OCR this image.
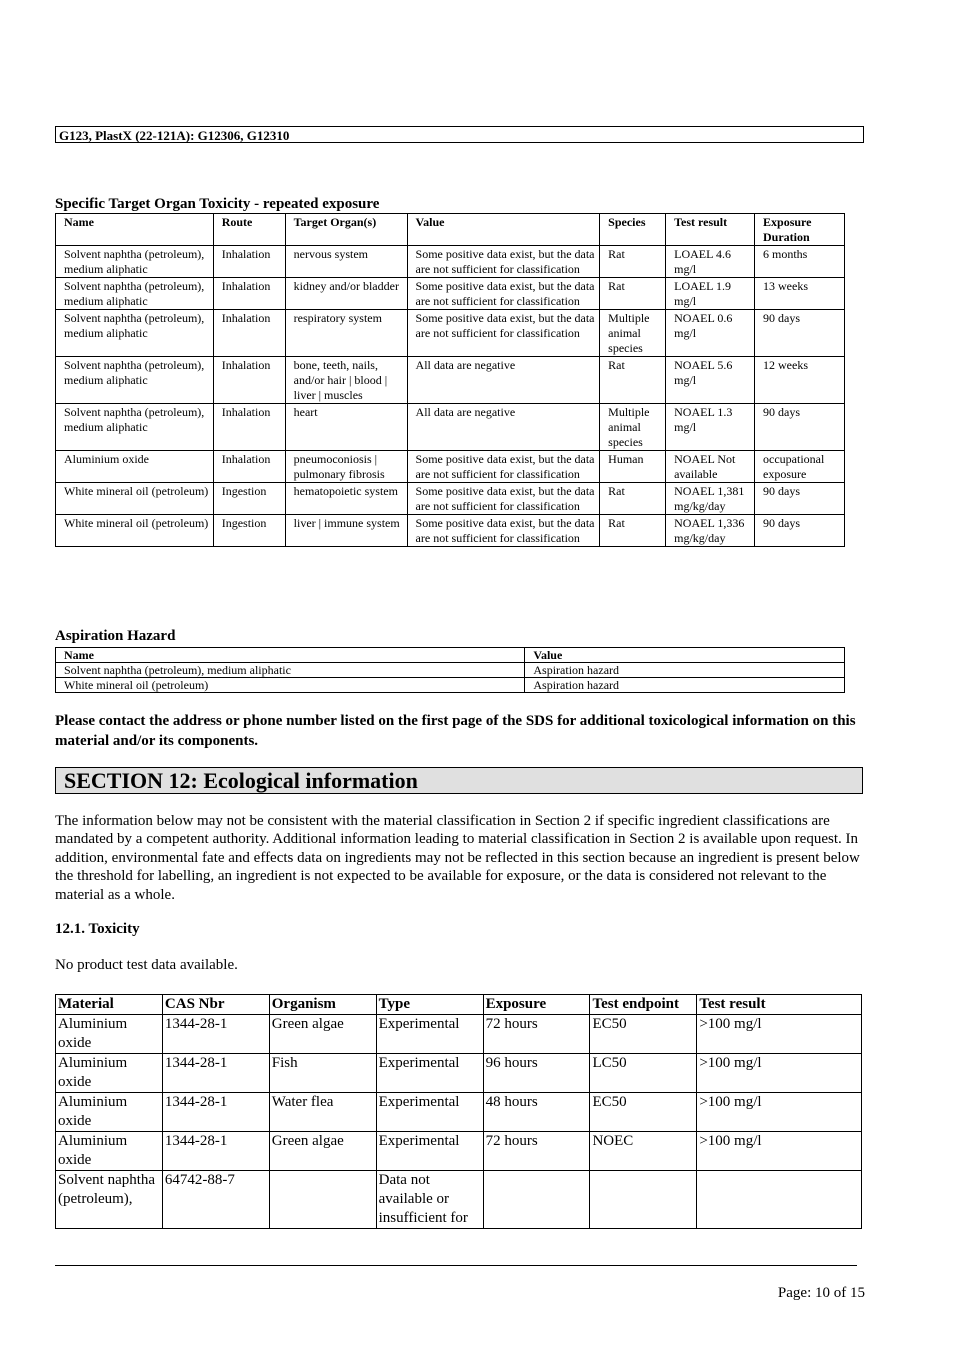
G123, PlastX (22-121A): G12306, G12310
Specific Target Organ Toxicity - repeated exposure
Name	Route	Target Organ(s)	Value	Species	Test result	Exposure Duration
Solvent naphtha (petroleum), medium aliphatic	Inhalation	nervous system	Some positive data exist, but the data are not sufficient for classification	Rat	LOAEL 4.6 mg/l	6 months
Solvent naphtha (petroleum), medium aliphatic	Inhalation	kidney and/or bladder	Some positive data exist, but the data are not sufficient for classification	Rat	LOAEL 1.9 mg/l	13 weeks
Solvent naphtha (petroleum), medium aliphatic	Inhalation	respiratory system	Some positive data exist, but the data are not sufficient for classification	Multiple animal species	NOAEL 0.6 mg/l	90 days
Solvent naphtha (petroleum), medium aliphatic	Inhalation	bone, teeth, nails, and/or hair | blood | liver | muscles	All data are negative	Rat	NOAEL 5.6 mg/l	12 weeks
Solvent naphtha (petroleum), medium aliphatic	Inhalation	heart	All data are negative	Multiple animal species	NOAEL 1.3 mg/l	90 days
Aluminium oxide	Inhalation	pneumoconiosis | pulmonary fibrosis	Some positive data exist, but the data are not sufficient for classification	Human	NOAEL Not available	occupational exposure
White mineral oil (petroleum)	Ingestion	hematopoietic system	Some positive data exist, but the data are not sufficient for classification	Rat	NOAEL 1,381 mg/kg/day	90 days
White mineral oil (petroleum)	Ingestion	liver | immune system	Some positive data exist, but the data are not sufficient for classification	Rat	NOAEL 1,336 mg/kg/day	90 days
Aspiration Hazard
Name	Value
Solvent naphtha (petroleum), medium aliphatic	Aspiration hazard
White mineral oil (petroleum)	Aspiration hazard
Please contact the address or phone number listed on the first page of the SDS for additional toxicological information on this material and/or its components.
SECTION 12: Ecological information
The information below may not be consistent with the material classification in Section 2 if specific ingredient classifications are mandated by a competent authority. Additional information leading to material classification in Section 2 is available upon request. In addition, environmental fate and effects data on ingredients may not be reflected in this section because an ingredient is present below the threshold for labelling, an ingredient is not expected to be available for exposure, or the data is considered not relevant to the material as a whole.
12.1. Toxicity
No product test data available.
Material	CAS Nbr	Organism	Type	Exposure	Test endpoint	Test result
Aluminium oxide	1344-28-1	Green algae	Experimental	72 hours	EC50	>100 mg/l
Aluminium oxide	1344-28-1	Fish	Experimental	96 hours	LC50	>100 mg/l
Aluminium oxide	1344-28-1	Water flea	Experimental	48 hours	EC50	>100 mg/l
Aluminium oxide	1344-28-1	Green algae	Experimental	72 hours	NOEC	>100 mg/l
Solvent naphtha (petroleum),	64742-88-7		Data not available or insufficient for			
Page: 10 of 15
